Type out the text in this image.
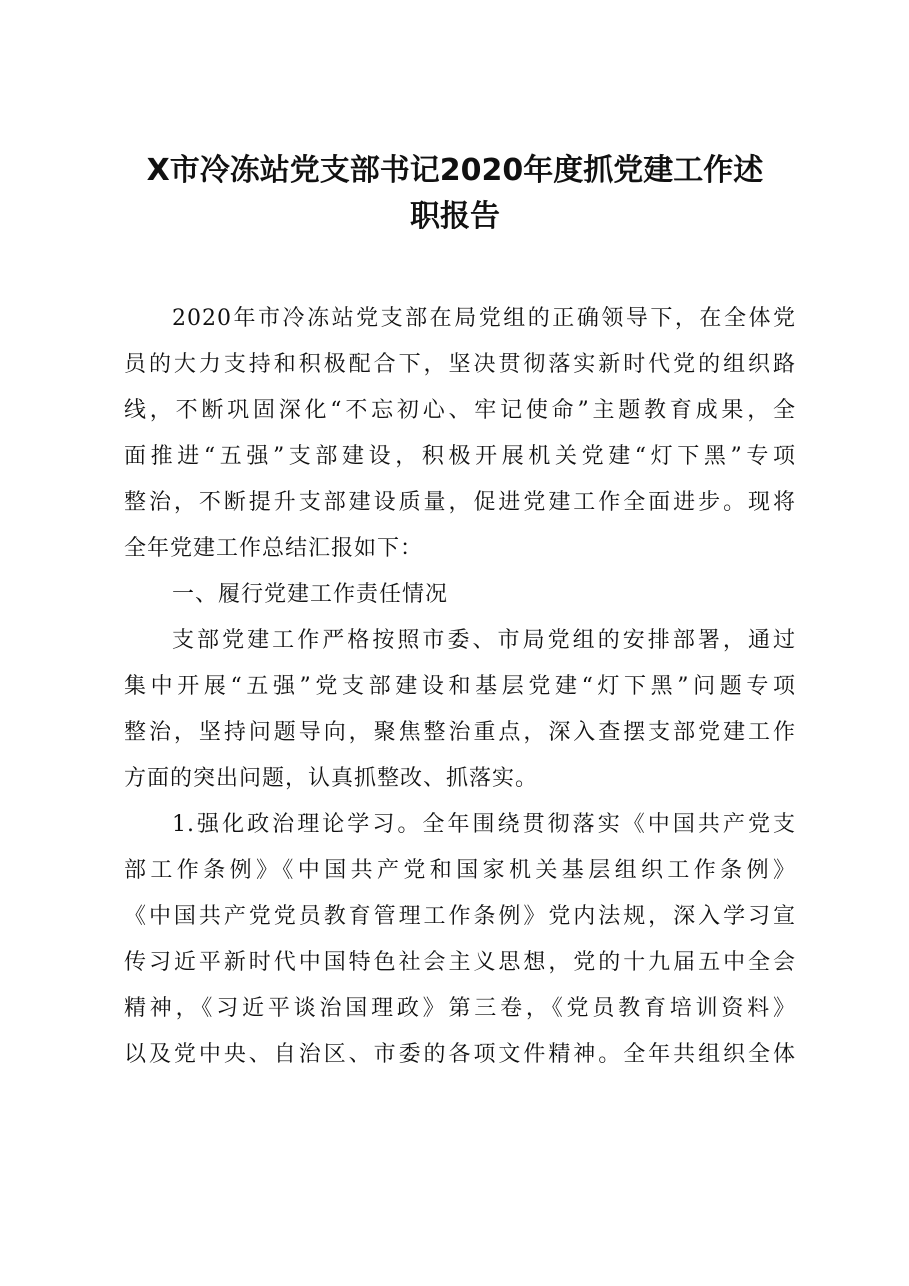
X市冷冻站党支部书记2020年度抓党建工作述
职报告
2020年市冷冻站党支部在局党组的正确领导下，在全体党
员的大力支持和积极配合下，坚决贯彻落实新时代党的组织路
线，不断巩固深化“不忘初心、牢记使命”主题教育成果，全
面推进“五强”支部建设，积极开展机关党建“灯下黑”专项
整治，不断提升支部建设质量，促进党建工作全面进步。现将
全年党建工作总结汇报如下：
一、履行党建工作责任情况
支部党建工作严格按照市委、市局党组的安排部署，通过
集中开展“五强”党支部建设和基层党建“灯下黑”问题专项
整治，坚持问题导向，聚焦整治重点，深入查摆支部党建工作
方面的突出问题，认真抓整改、抓落实。
1.强化政治理论学习。全年围绕贯彻落实《中国共产党支
部工作条例》《中国共产党和国家机关基层组织工作条例》
《中国共产党党员教育管理工作条例》党内法规，深入学习宣
传习近平新时代中国特色社会主义思想，党的十九届五中全会
精神，《习近平谈治国理政》第三卷，《党员教育培训资料》
以及党中央、自治区、市委的各项文件精神。全年共组织全体
